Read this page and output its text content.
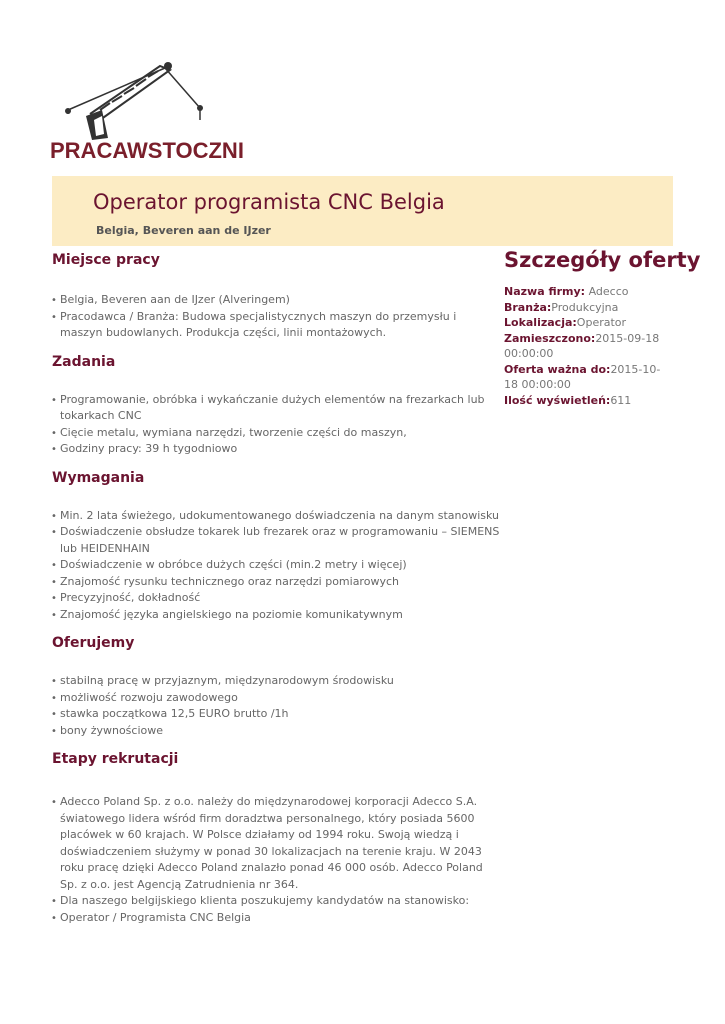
PRACAWSTOCZNI
Operator programista CNC Belgia
Belgia, Beveren aan de IJzer
Miejsce pracy
• Belgia, Beveren aan de IJzer (Alveringem)
• Pracodawca / Branża: Budowa specjalistycznych maszyn do przemysłu i maszyn budowlanych. Produkcja części, linii montażowych.
Zadania
• Programowanie, obróbka i wykańczanie dużych elementów na frezarkach lub tokarkach CNC
• Cięcie metalu, wymiana narzędzi, tworzenie części do maszyn,
• Godziny pracy: 39 h tygodniowo
Wymagania
• Min. 2 lata świeżego, udokumentowanego doświadczenia na danym stanowisku
• Doświadczenie obsłudze tokarek lub frezarek oraz w programowaniu – SIEMENS lub HEIDENHAIN
• Doświadczenie w obróbce dużych części (min.2 metry i więcej)
• Znajomość rysunku technicznego oraz narzędzi pomiarowych
• Precyzyjność, dokładność
• Znajomość języka angielskiego na poziomie komunikatywnym
Oferujemy
• stabilną pracę w przyjaznym, międzynarodowym środowisku
• możliwość rozwoju zawodowego
• stawka początkowa 12,5 EURO brutto /1h
• bony żywnościowe
Etapy rekrutacji
• Adecco Poland Sp. z o.o. należy do międzynarodowej korporacji Adecco S.A. światowego lidera wśród firm doradztwa personalnego, który posiada 5600 placówek w 60 krajach. W Polsce działamy od 1994 roku. Swoją wiedzą i doświadczeniem służymy w ponad 30 lokalizacjach na terenie kraju. W 2043 roku pracę dzięki Adecco Poland znalazło ponad 46 000 osób. Adecco Poland Sp. z o.o. jest Agencją Zatrudnienia nr 364.
• Dla naszego belgijskiego klienta poszukujemy kandydatów na stanowisko:
• Operator / Programista CNC Belgia
Szczegóły oferty
Nazwa firmy: Adecco
Branża:Produkcyjna
Lokalizacja:Operator
Zamieszczono:2015-09-18 00:00:00
Oferta ważna do:2015-10-18 00:00:00
Ilość wyświetleń:611
